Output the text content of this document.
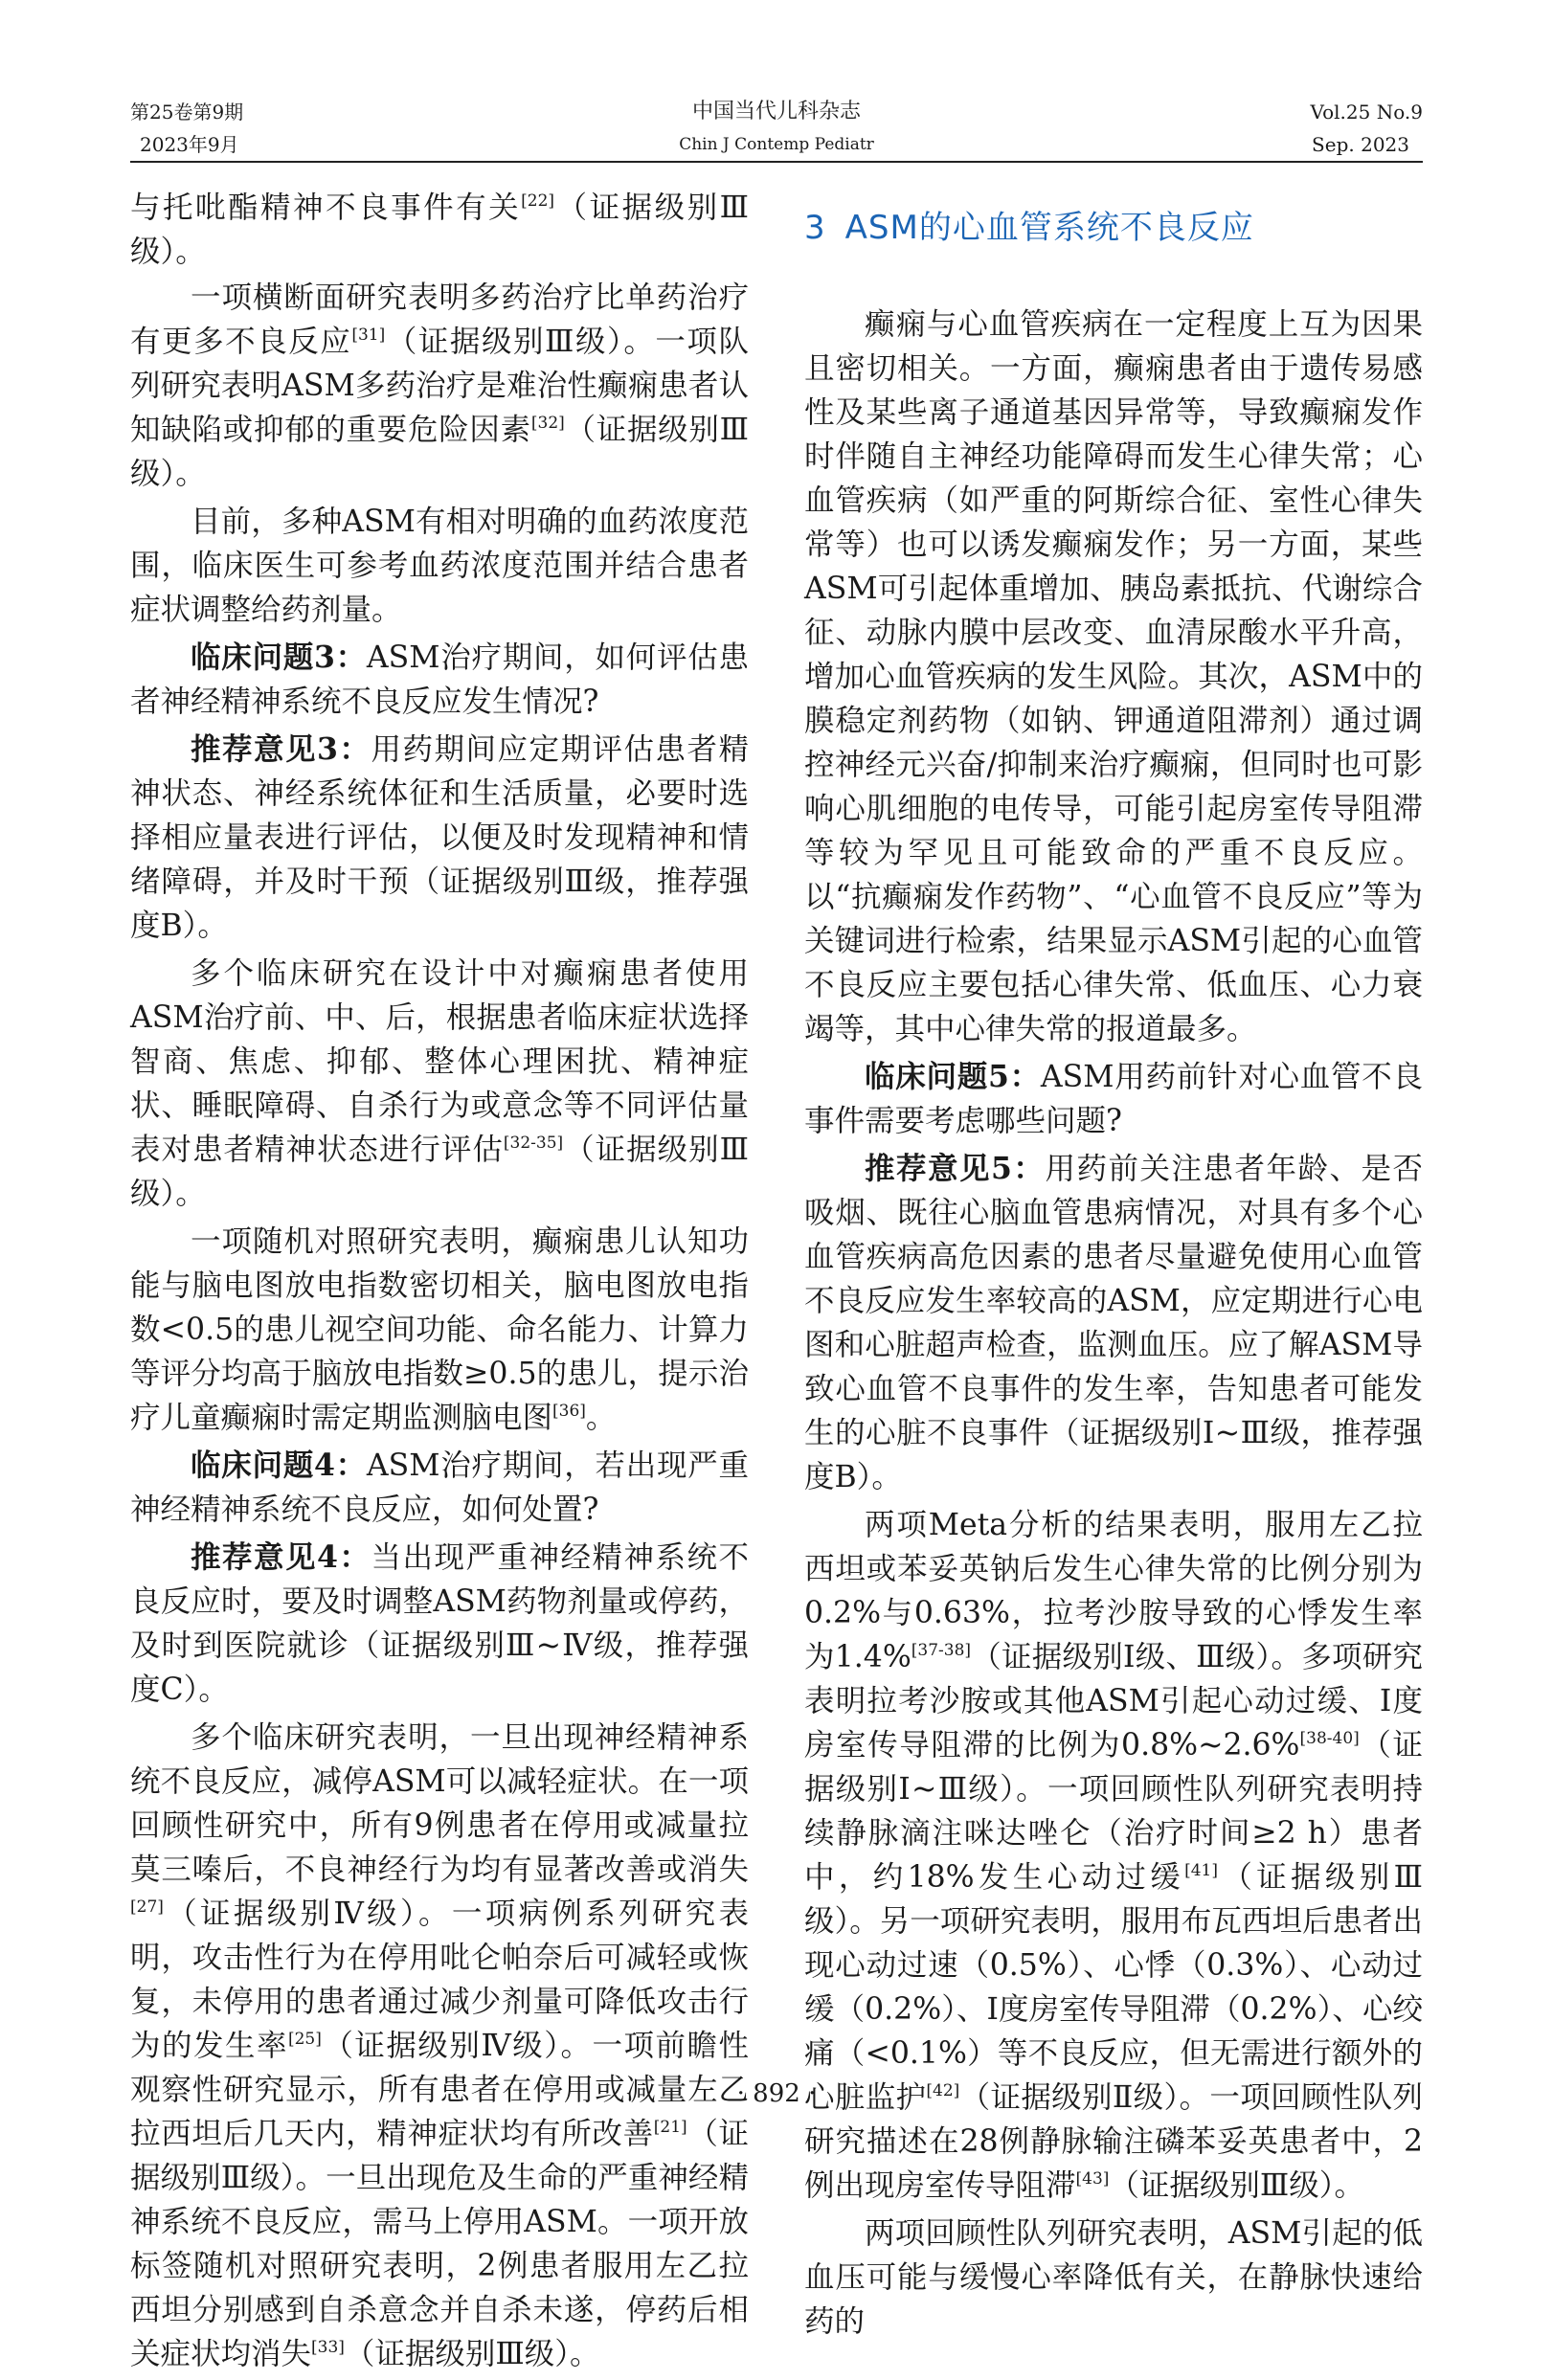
第25卷第9期
2023年9月
中国当代儿科杂志
Chin J Contemp Pediatr
Vol.25 No.9
Sep. 2023

与托吡酯精神不良事件有关[22]（证据级别Ⅲ级）。

一项横断面研究表明多药治疗比单药治疗有更多不良反应[31]（证据级别Ⅲ级）。一项队列研究表明ASM多药治疗是难治性癫痫患者认知缺陷或抑郁的重要危险因素[32]（证据级别Ⅲ级）。

目前，多种ASM有相对明确的血药浓度范围，临床医生可参考血药浓度范围并结合患者症状调整给药剂量。

临床问题3：ASM治疗期间，如何评估患者神经精神系统不良反应发生情况?

推荐意见3：用药期间应定期评估患者精神状态、神经系统体征和生活质量，必要时选择相应量表进行评估，以便及时发现精神和情绪障碍，并及时干预（证据级别Ⅲ级，推荐强度B）。

多个临床研究在设计中对癫痫患者使用ASM治疗前、中、后，根据患者临床症状选择智商、焦虑、抑郁、整体心理困扰、精神症状、睡眠障碍、自杀行为或意念等不同评估量表对患者精神状态进行评估[32-35]（证据级别Ⅲ级）。

一项随机对照研究表明，癫痫患儿认知功能与脑电图放电指数密切相关，脑电图放电指数<0.5的患儿视空间功能、命名能力、计算力等评分均高于脑放电指数≥0.5的患儿，提示治疗儿童癫痫时需定期监测脑电图[36]。

临床问题4：ASM治疗期间，若出现严重神经精神系统不良反应，如何处置?

推荐意见4：当出现严重神经精神系统不良反应时，要及时调整ASM药物剂量或停药，及时到医院就诊（证据级别Ⅲ~Ⅳ级，推荐强度C）。

多个临床研究表明，一旦出现神经精神系统不良反应，减停ASM可以减轻症状。在一项回顾性研究中，所有9例患者在停用或减量拉莫三嗪后，不良神经行为均有显著改善或消失[27]（证据级别Ⅳ级）。一项病例系列研究表明，攻击性行为在停用吡仑帕奈后可减轻或恢复，未停用的患者通过减少剂量可降低攻击行为的发生率[25]（证据级别Ⅳ级）。一项前瞻性观察性研究显示，所有患者在停用或减量左乙拉西坦后几天内，精神症状均有所改善[21]（证据级别Ⅲ级）。一旦出现危及生命的严重神经精神系统不良反应，需马上停用ASM。一项开放标签随机对照研究表明，2例患者服用左乙拉西坦分别感到自杀意念并自杀未遂，停药后相关症状均消失[33]（证据级别Ⅲ级）。

3 ASM的心血管系统不良反应

癫痫与心血管疾病在一定程度上互为因果且密切相关。一方面，癫痫患者由于遗传易感性及某些离子通道基因异常等，导致癫痫发作时伴随自主神经功能障碍而发生心律失常；心血管疾病（如严重的阿斯综合征、室性心律失常等）也可以诱发癫痫发作；另一方面，某些ASM可引起体重增加、胰岛素抵抗、代谢综合征、动脉内膜中层改变、血清尿酸水平升高，增加心血管疾病的发生风险。其次，ASM中的膜稳定剂药物（如钠、钾通道阻滞剂）通过调控神经元兴奋/抑制来治疗癫痫，但同时也可影响心肌细胞的电传导，可能引起房室传导阻滞等较为罕见且可能致命的严重不良反应。以“抗癫痫发作药物”、“心血管不良反应”等为关键词进行检索，结果显示ASM引起的心血管不良反应主要包括心律失常、低血压、心力衰竭等，其中心律失常的报道最多。

临床问题5：ASM用药前针对心血管不良事件需要考虑哪些问题?

推荐意见5：用药前关注患者年龄、是否吸烟、既往心脑血管患病情况，对具有多个心血管疾病高危因素的患者尽量避免使用心血管不良反应发生率较高的ASM，应定期进行心电图和心脏超声检查，监测血压。应了解ASM导致心血管不良事件的发生率，告知患者可能发生的心脏不良事件（证据级别Ⅰ~Ⅲ级，推荐强度B）。

两项Meta分析的结果表明，服用左乙拉西坦或苯妥英钠后发生心律失常的比例分别为0.2%与0.63%，拉考沙胺导致的心悸发生率为1.4%[37-38]（证据级别Ⅰ级、Ⅲ级）。多项研究表明拉考沙胺或其他ASM引起心动过缓、Ⅰ度房室传导阻滞的比例为0.8%~2.6%[38-40]（证据级别Ⅰ~Ⅲ级）。一项回顾性队列研究表明持续静脉滴注咪达唑仑（治疗时间≥2 h）患者中，约18%发生心动过缓[41]（证据级别Ⅲ级）。另一项研究表明，服用布瓦西坦后患者出现心动过速（0.5%）、心悸（0.3%）、心动过缓（0.2%）、Ⅰ度房室传导阻滞（0.2%）、心绞痛（<0.1%）等不良反应，但无需进行额外的心脏监护[42]（证据级别Ⅱ级）。一项回顾性队列研究描述在28例静脉输注磷苯妥英患者中，2例出现房室传导阻滞[43]（证据级别Ⅲ级）。

两项回顾性队列研究表明，ASM引起的低血压可能与缓慢心率降低有关，在静脉快速给药的

· 892 ·
